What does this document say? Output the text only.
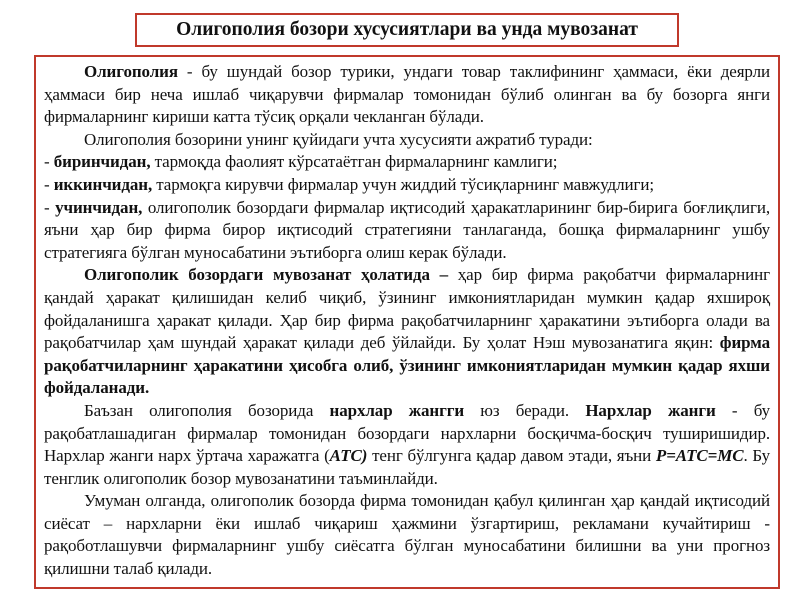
Олигополия бозори хусусиятлари ва унда мувозанат

Олигополия - бу шундай бозор турики, ундаги товар таклифининг ҳаммаси, ёки деярли ҳаммаси бир неча ишлаб чиқарувчи фирмалар томонидан бўлиб олинган ва бу бозорга янги фирмаларнинг кириши катта тўсиқ орқали чекланган бўлади.

Олигополия бозорини унинг қуйидаги учта хусусияти ажратиб туради:

- биринчидан, тармоқда фаолият кўрсатаётган фирмаларнинг камлиги;

- иккинчидан, тармоқга кирувчи фирмалар учун жиддий тўсиқларнинг мавжудлиги;

- учинчидан, олигополик бозордаги фирмалар иқтисодий ҳаракатларининг бир-бирига боғлиқлиги, яъни ҳар бир фирма бирор иқтисодий стратегияни танлаганда, бошқа фирмаларнинг ушбу стратегияга бўлган муносабатини эътиборга олиш керак бўлади.

Олигополик бозордаги мувозанат ҳолатида – ҳар бир фирма рақобатчи фирмаларнинг қандай ҳаракат қилишидан келиб чиқиб, ўзининг имкониятларидан мумкин қадар яхшироқ фойдаланишга ҳаракат қилади. Ҳар бир фирма рақобатчиларнинг ҳаракатини эътиборга олади ва рақобатчилар ҳам шундай ҳаракат қилади деб ўйлайди. Бу ҳолат Нэш мувозанатига яқин: фирма рақобатчиларнинг ҳаракатини ҳисобга олиб, ўзининг имкониятларидан мумкин қадар яхши фойдаланади.

Баъзан олигополия бозорида нархлар жангги юз беради. Нархлар жанги - бу рақобатлашадиган фирмалар томонидан бозордаги нархларни босқичма-босқич туширишидир. Нархлар жанги нарх ўртача харажатга (АТС) тенг бўлгунга қадар давом этади, яъни P=ATC=MC. Бу тенглик олигополик бозор мувозанатини таъминлайди.

Умуман олганда, олигополик бозорда фирма томонидан қабул қилинган ҳар қандай иқтисодий сиёсат – нархларни ёки ишлаб чиқариш ҳажмини ўзгартириш, рекламани кучайтириш - рақоботлашувчи фирмаларнинг ушбу сиёсатга бўлган муносабатини билишни ва уни прогноз қилишни талаб қилади.
